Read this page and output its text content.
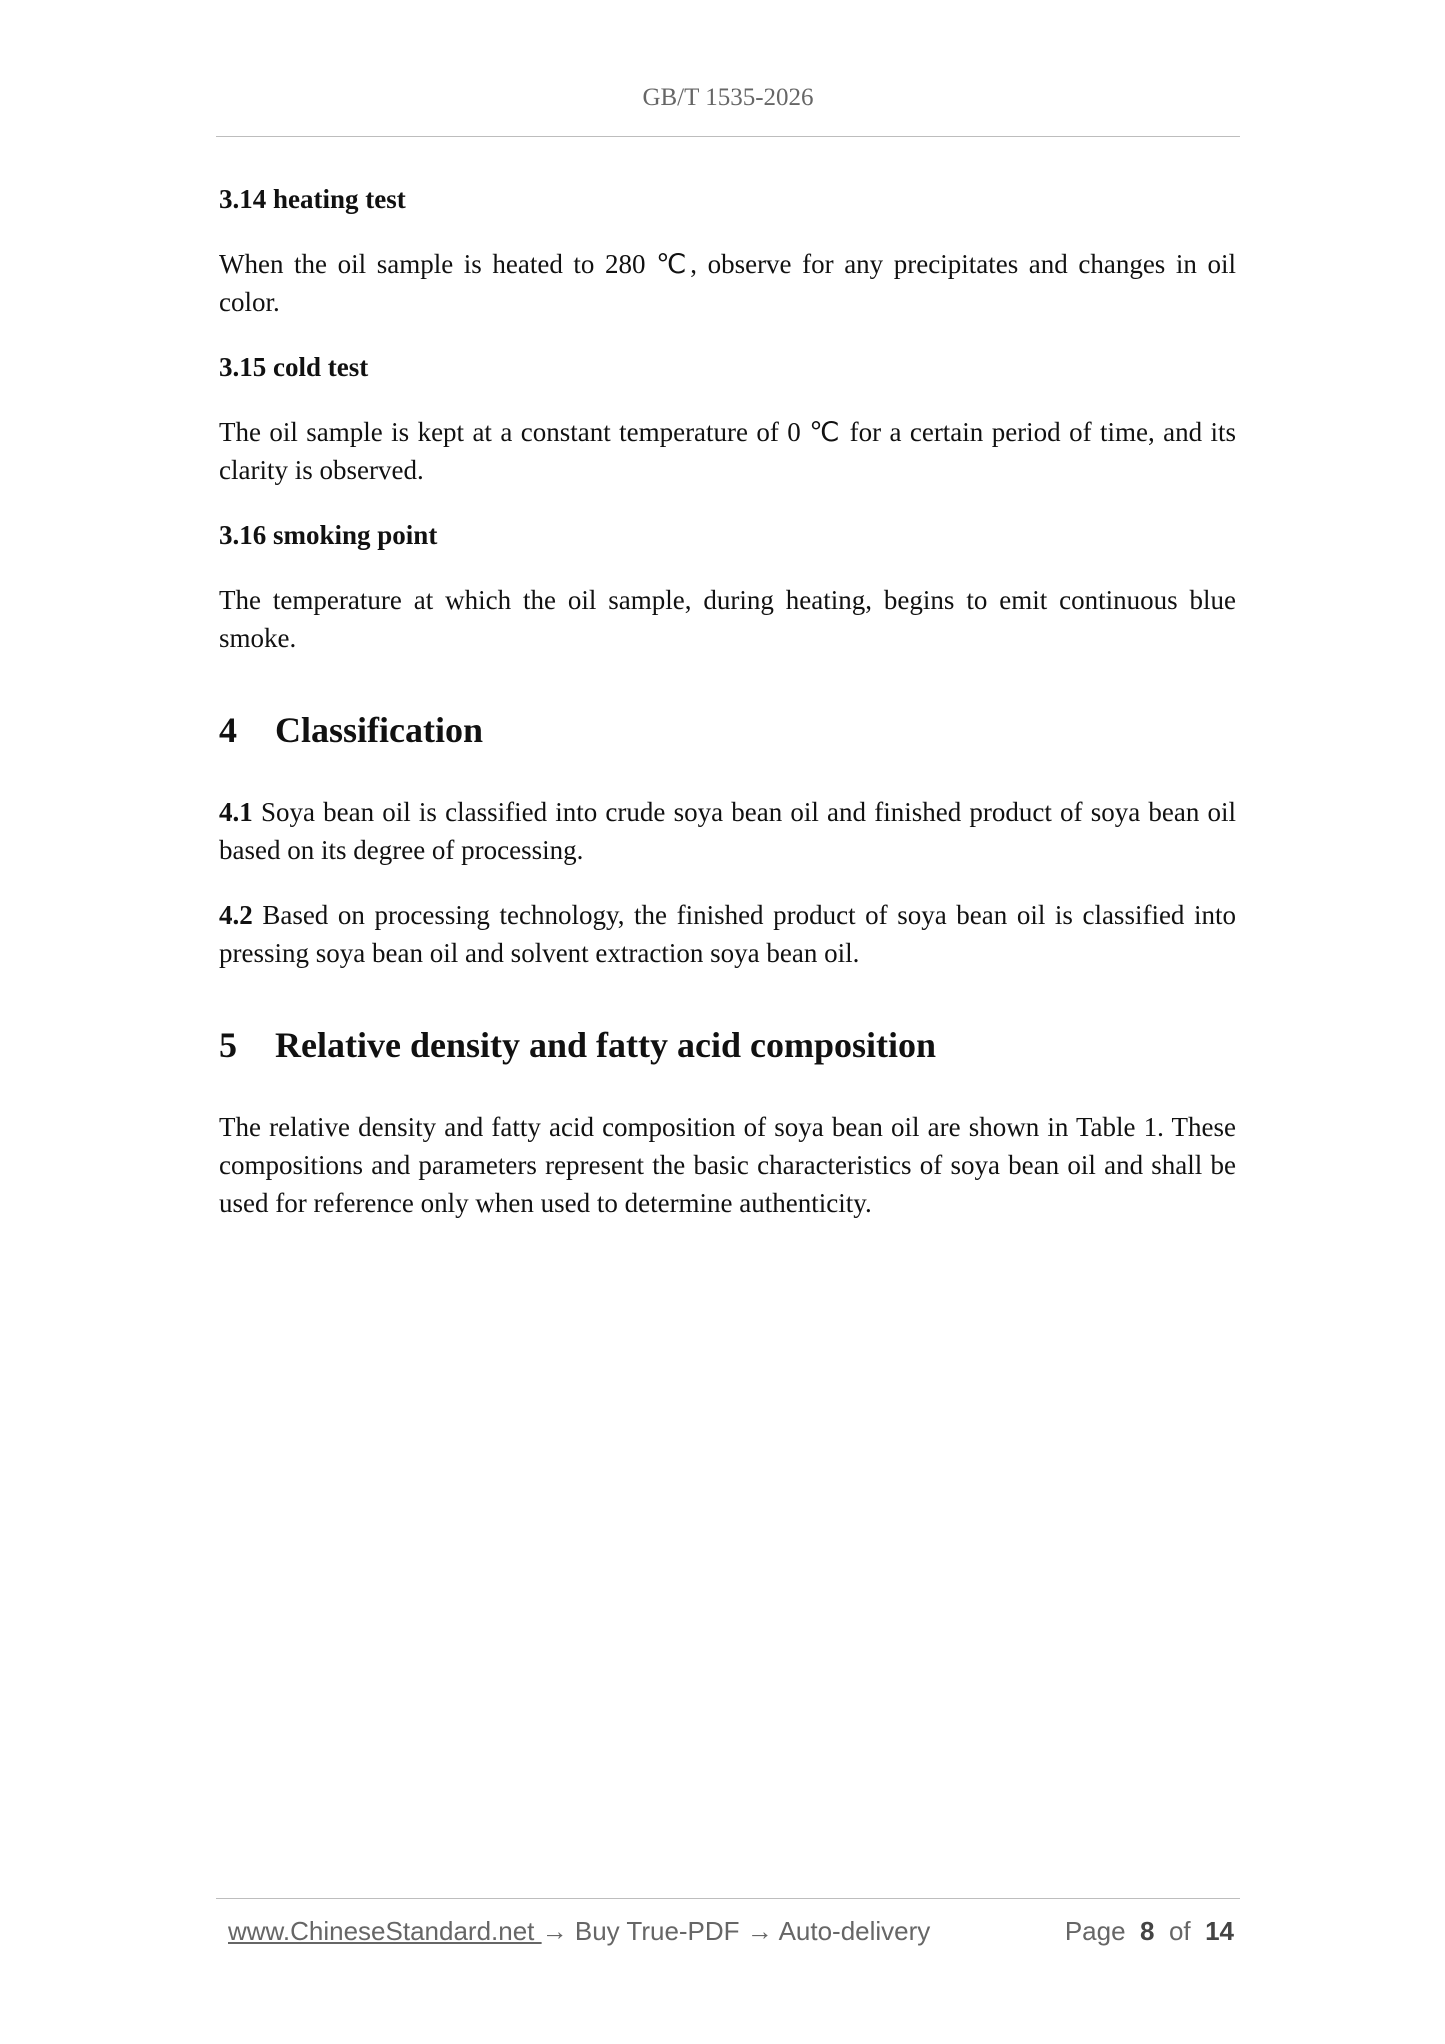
GB/T 1535-2026
3.14 heating test

When the oil sample is heated to 280 ℃, observe for any precipitates and changes in oil color.

3.15 cold test

The oil sample is kept at a constant temperature of 0 ℃ for a certain period of time, and its clarity is observed.

3.16 smoking point

The temperature at which the oil sample, during heating, begins to emit continuous blue smoke.

4 Classification

4.1 Soya bean oil is classified into crude soya bean oil and finished product of soya bean oil based on its degree of processing.

4.2 Based on processing technology, the finished product of soya bean oil is classified into pressing soya bean oil and solvent extraction soya bean oil.

5 Relative density and fatty acid composition

The relative density and fatty acid composition of soya bean oil are shown in Table 1. These compositions and parameters represent the basic characteristics of soya bean oil and shall be used for reference only when used to determine authenticity.

www.ChineseStandard.net → Buy True-PDF → Auto-delivery	Page 8 of 14
